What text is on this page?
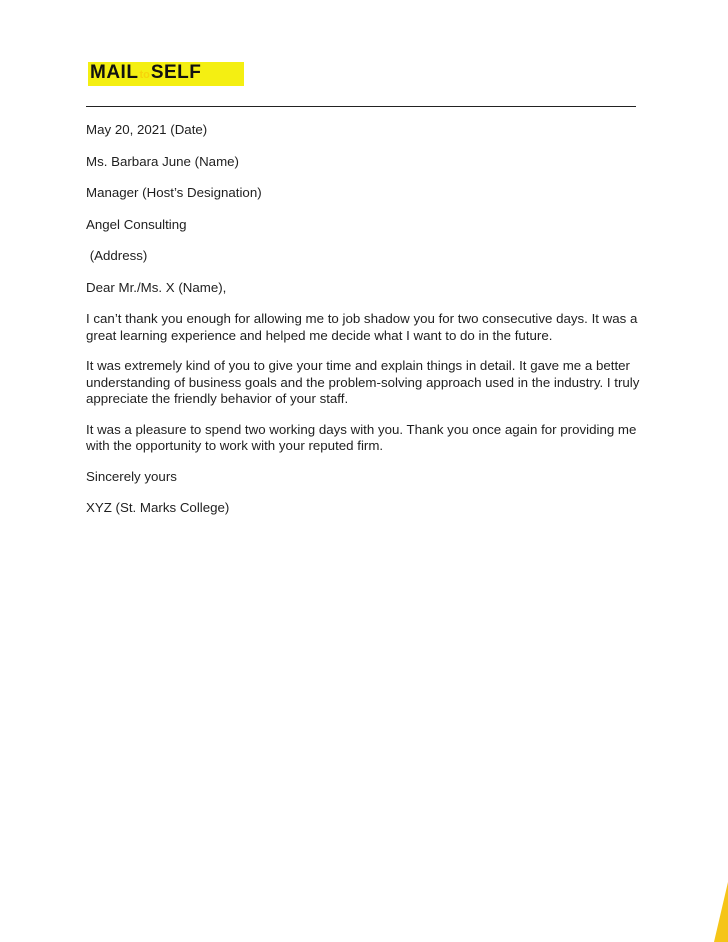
MAILtoSELF

May 20, 2021 (Date)

Ms. Barbara June (Name)

Manager (Host’s Designation)

Angel Consulting

(Address)

Dear Mr./Ms. X (Name),

I can’t thank you enough for allowing me to job shadow you for two consecutive days. It was a
great learning experience and helped me decide what I want to do in the future.
It was extremely kind of you to give your time and explain things in detail. It gave me a better
understanding of business goals and the problem-solving approach used in the industry. I truly
appreciate the friendly behavior of your staff.
It was a pleasure to spend two working days with you. Thank you once again for providing me
with the opportunity to work with your reputed firm.

Sincerely yours

XYZ (St. Marks College)
